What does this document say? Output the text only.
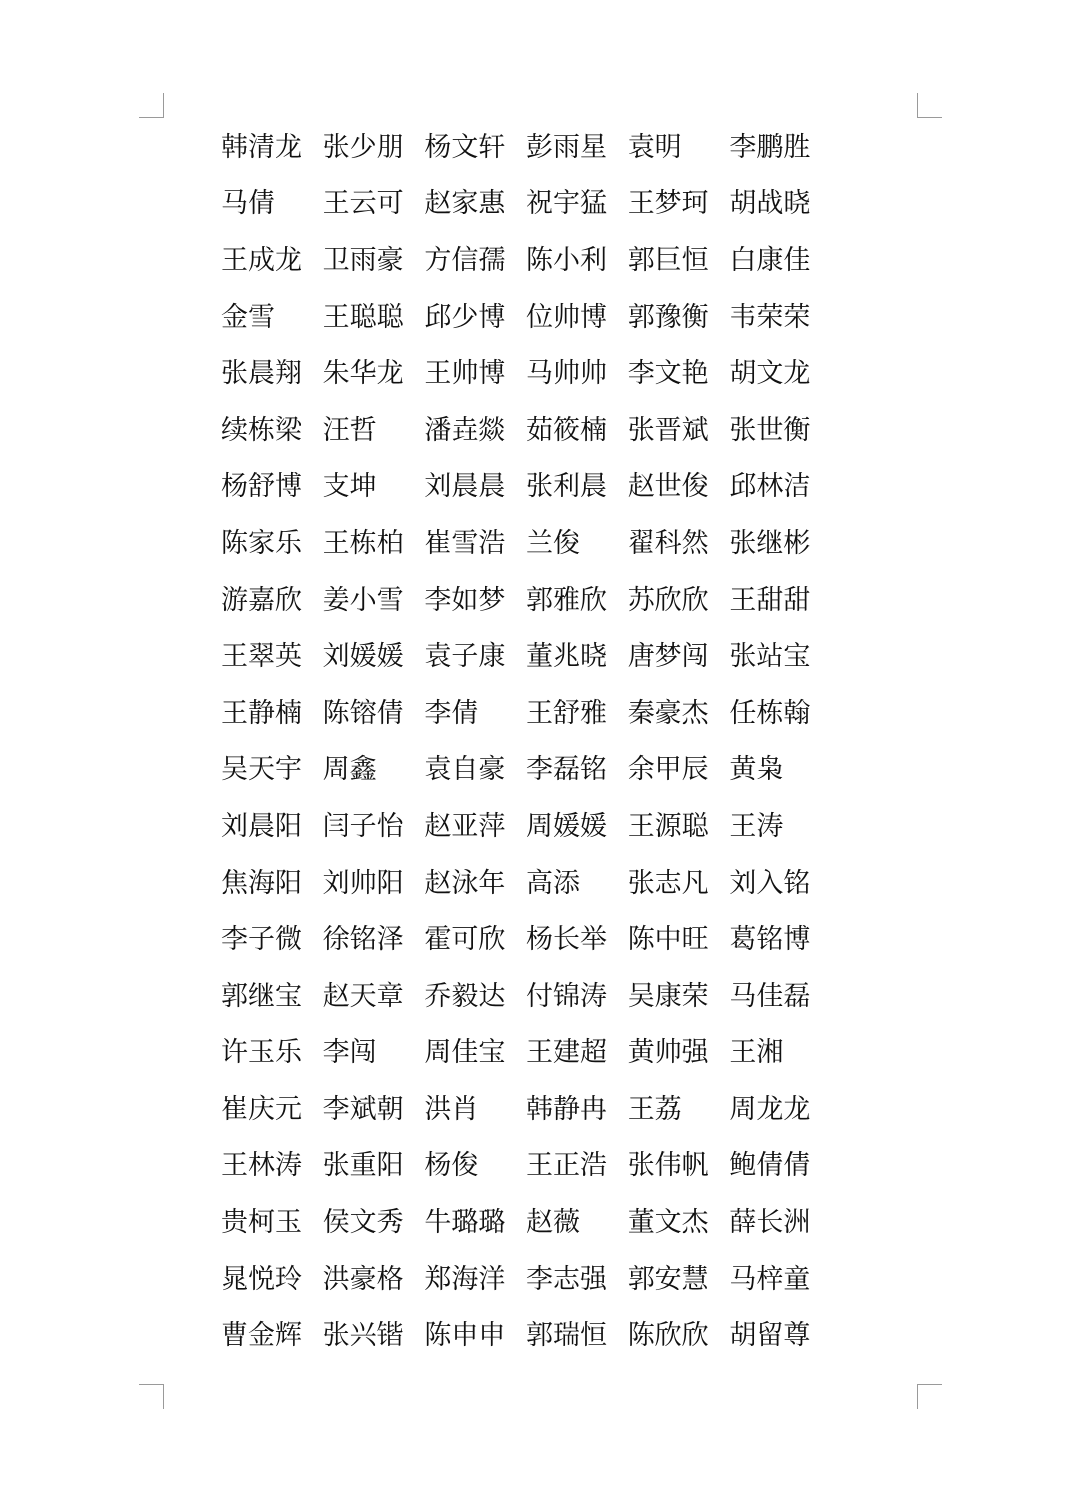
韩清龙 张少朋 杨文轩 彭雨星 袁明	李鹏胜
马倩	王云可 赵家惠 祝宇猛 王梦珂 胡战晓
王成龙 卫雨豪 方信孺 陈小利 郭巨恒 白康佳
金雪	王聪聪 邱少博 位帅博 郭豫衡 韦荣荣
张晨翔 朱华龙 王帅博 马帅帅 李文艳 胡文龙
续栋梁 汪哲	潘垚燚 茹筱楠 张晋斌 张世衡
杨舒博 支坤	刘晨晨 张利晨 赵世俊 邱林洁
陈家乐 王栋柏 崔雪浩 兰俊	翟科然 张继彬
游嘉欣 姜小雪 李如梦 郭雅欣 苏欣欣 王甜甜
王翠英 刘媛媛 袁子康 董兆晓 唐梦闯 张站宝
王静楠 陈镕倩 李倩	王舒雅 秦豪杰 任栋翰
吴天宇 周鑫	袁自豪 李磊铭 余甲辰 黄枭
刘晨阳 闫子怡 赵亚萍 周媛媛 王源聪 王涛
焦海阳 刘帅阳 赵泳年 高添	张志凡 刘入铭
李子微 徐铭泽 霍可欣 杨长举 陈中旺 葛铭博
郭继宝 赵天章 乔毅达 付锦涛 吴康荣 马佳磊
许玉乐 李闯	周佳宝 王建超 黄帅强 王湘
崔庆元 李斌朝 洪肖	韩静冉 王荔	周龙龙
王林涛 张重阳 杨俊	王正浩 张伟帆 鲍倩倩
贵柯玉 侯文秀 牛璐璐 赵薇	董文杰 薛长洲
晁悦玲 洪豪格 郑海洋 李志强 郭安慧 马梓童
曹金辉 张兴锴 陈申申 郭瑞恒 陈欣欣 胡留尊
